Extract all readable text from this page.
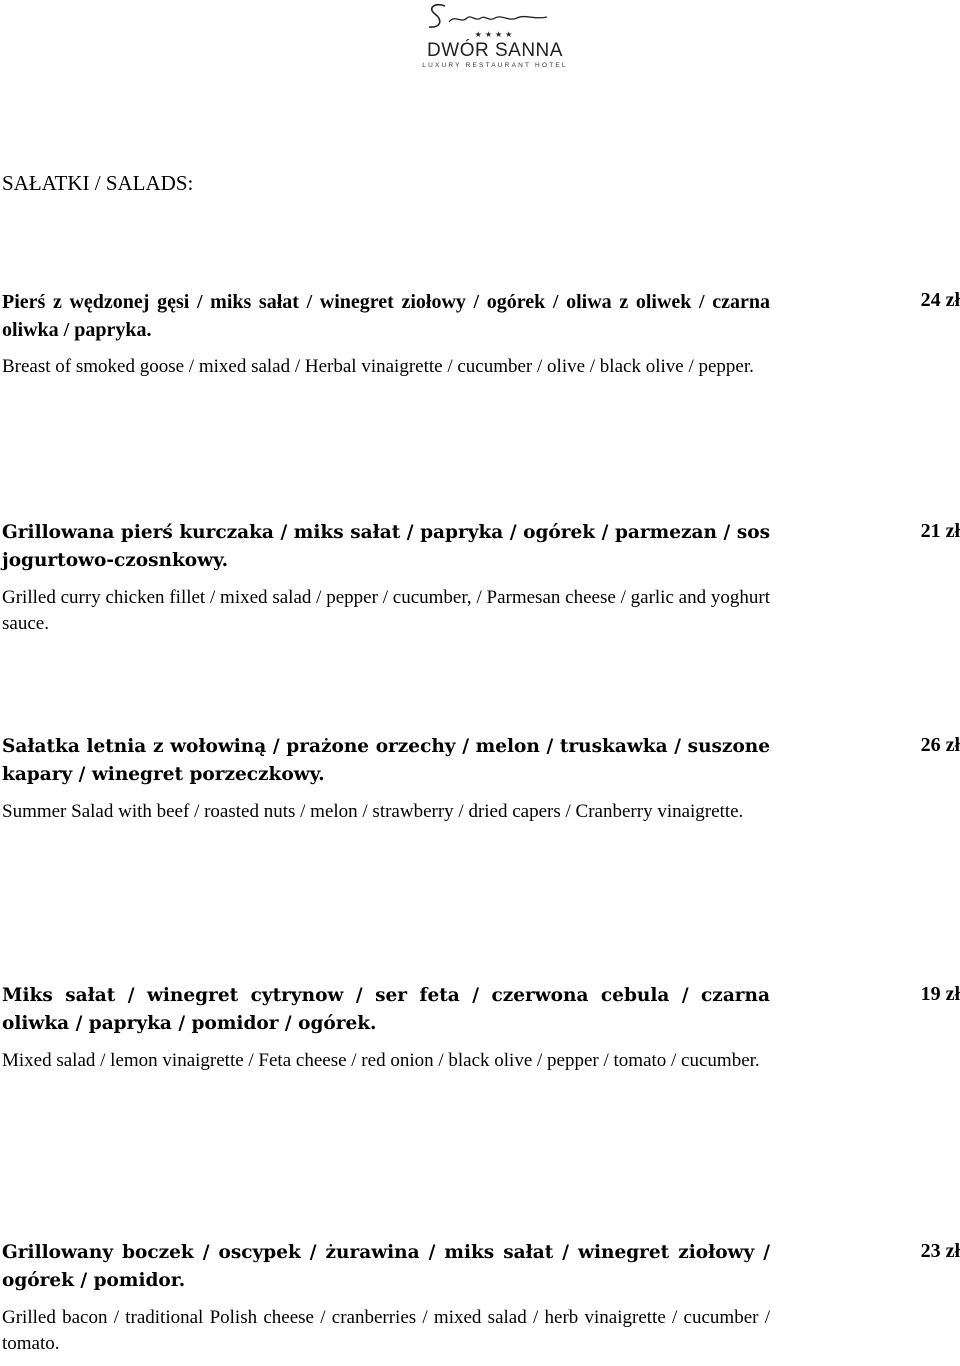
★★★★
DWÓR SANNA
LUXURY RESTAURANT HOTEL
SAŁATKI / SALADS:
Pierś z wędzonej gęsi / miks sałat / winegret ziołowy / ogórek / oliwa z oliwek / czarna oliwka / papryka.
Breast of smoked goose / mixed salad / Herbal vinaigrette / cucumber / olive / black olive / pepper.
24 zł
Grillowana pierś kurczaka / miks sałat / papryka / ogórek / parmezan / sos jogurtowo-czosnkowy.
Grilled curry chicken fillet / mixed salad / pepper / cucumber, / Parmesan cheese / garlic and yoghurt sauce.
21 zł
Sałatka letnia z wołowiną / prażone orzechy / melon / truskawka / suszone kapary / winegret porzeczkowy.
Summer Salad with beef / roasted nuts / melon / strawberry / dried capers / Cranberry vinaigrette.
26 zł
Miks sałat / winegret cytrynow / ser feta / czerwona cebula / czarna oliwka / papryka / pomidor / ogórek.
Mixed salad / lemon vinaigrette / Feta cheese / red onion / black olive / pepper / tomato / cucumber.
19 zł
Grillowany boczek / oscypek / żurawina / miks sałat / winegret ziołowy / ogórek / pomidor.
Grilled bacon / traditional Polish cheese / cranberries / mixed salad / herb vinaigrette / cucumber / tomato.
23 zł
